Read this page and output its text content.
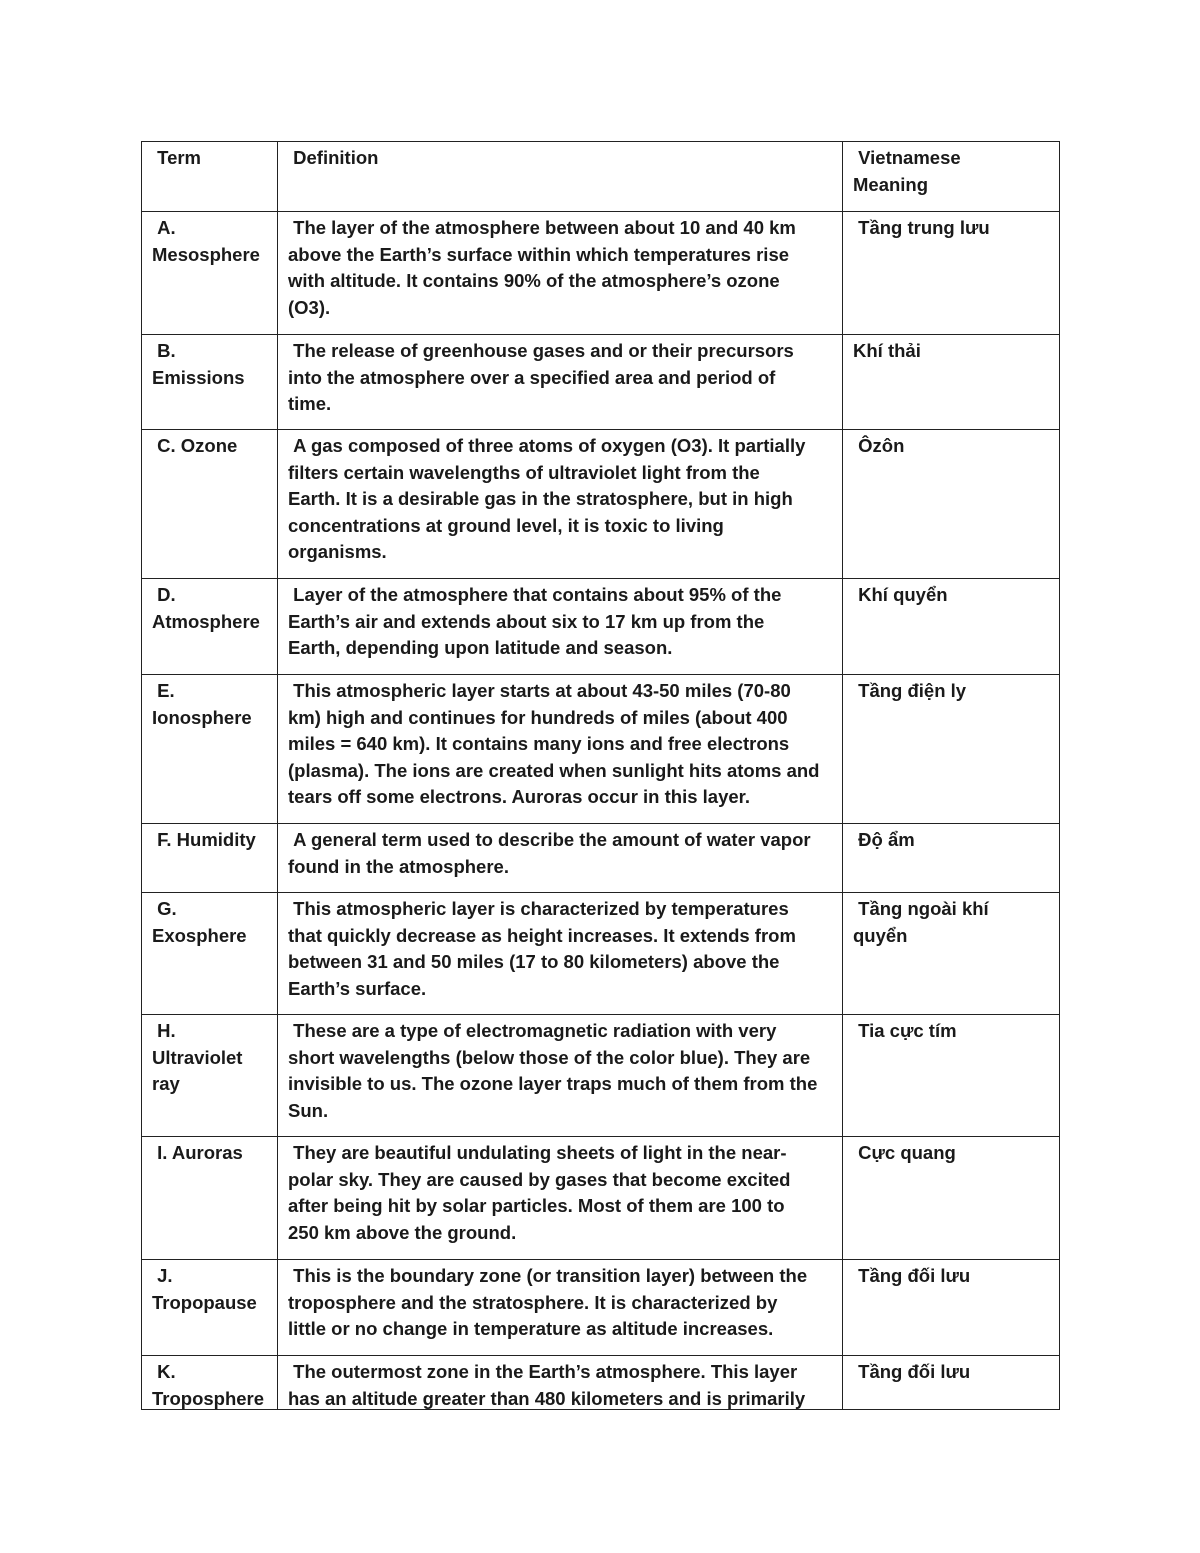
Term	Definition	Vietnamese
Meaning
A.
Mesosphere	The layer of the atmosphere between about 10 and 40 km
above the Earth’s surface within which temperatures rise
with altitude. It contains 90% of the atmosphere’s ozone
(O3).	Tầng trung lưu
B.
Emissions	The release of greenhouse gases and or their precursors
into the atmosphere over a specified area and period of
time.	Khí thải
C. Ozone	A gas composed of three atoms of oxygen (O3). It partially
filters certain wavelengths of ultraviolet light from the
Earth. It is a desirable gas in the stratosphere, but in high
concentrations at ground level, it is toxic to living
organisms.	Ôzôn
D.
Atmosphere	Layer of the atmosphere that contains about 95% of the
Earth’s air and extends about six to 17 km up from the
Earth, depending upon latitude and season.	Khí quyển
E.
Ionosphere	This atmospheric layer starts at about 43-50 miles (70-80
km) high and continues for hundreds of miles (about 400
miles = 640 km). It contains many ions and free electrons
(plasma). The ions are created when sunlight hits atoms and
tears off some electrons. Auroras occur in this layer.	Tầng điện ly
F. Humidity	A general term used to describe the amount of water vapor
found in the atmosphere.	Độ ẩm
G.
Exosphere	This atmospheric layer is characterized by temperatures
that quickly decrease as height increases. It extends from
between 31 and 50 miles (17 to 80 kilometers) above the
Earth’s surface.	Tầng ngoài khí
quyển
H.
Ultraviolet
ray	These are a type of electromagnetic radiation with very
short wavelengths (below those of the color blue). They are
invisible to us. The ozone layer traps much of them from the
Sun.	Tia cực tím
I. Auroras	They are beautiful undulating sheets of light in the near-
polar sky. They are caused by gases that become excited
after being hit by solar particles. Most of them are 100 to
250 km above the ground.	Cực quang
J.
Tropopause	This is the boundary zone (or transition layer) between the
troposphere and the stratosphere. It is characterized by
little or no change in temperature as altitude increases.	Tầng đối lưu

K.
Troposphere	The outermost zone in the Earth’s atmosphere. This layer
has an altitude greater than 480 kilometers and is primarily	Tầng đối lưu
